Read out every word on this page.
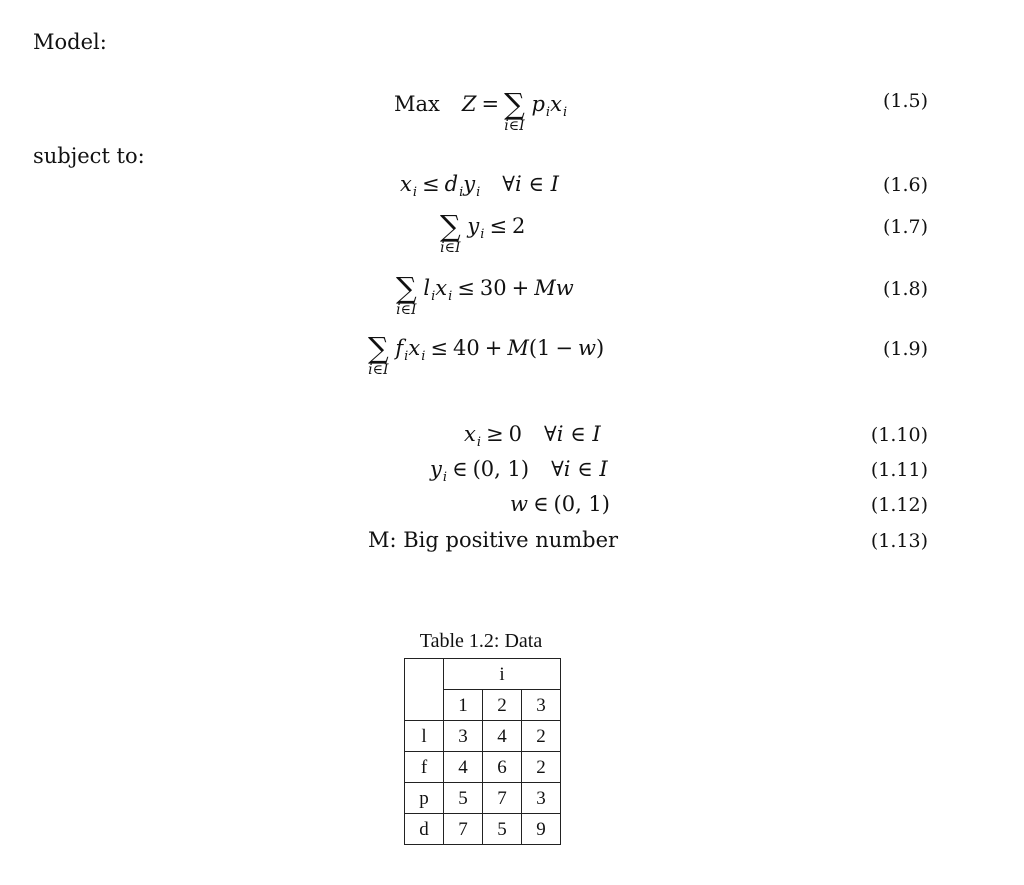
Model:
Max Z = ∑
i∈I
$p_ix_i$
(1.5)
subject to:
$x_i \le d_iy_i$ ∀i ∈ I	(1.6)
∑
i∈I
$y_i \le 2$	(1.7)
∑
i∈I
$l_ix_i \le 30 + Mw$	(1.8)
∑
i∈I
$f_ix_i \le 40 + M(1 - w)$	(1.9)
$x_i \ge 0$ ∀i ∈ I	(1.10)
$y_i$ ∈ (0, 1) ∀i ∈ I	(1.11)
w ∈ (0, 1)	(1.12)
M: Big positive number	(1.13)
Table 1.2: Data
	i		
	1	2	3
l	3	4	2
f	4	6	2
p	5	7	3
d	7	5	9
